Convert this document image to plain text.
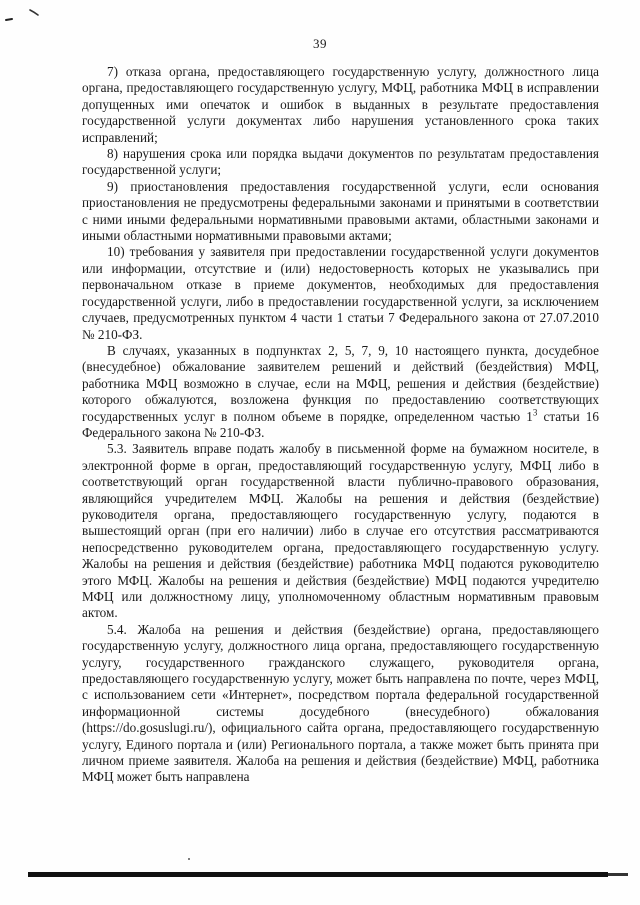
39

7) отказа органа, предоставляющего государственную услугу, должностного лица органа, предоставляющего государственную услугу, МФЦ, работника МФЦ в исправлении допущенных ими опечаток и ошибок в выданных в результате предоставления государственной услуги документах либо нарушения установленного срока таких исправлений;

8) нарушения срока или порядка выдачи документов по результатам предоставления государственной услуги;

9) приостановления предоставления государственной услуги, если основания приостановления не предусмотрены федеральными законами и принятыми в соответствии с ними иными федеральными нормативными правовыми актами, областными законами и иными областными нормативными правовыми актами;

10) требования у заявителя при предоставлении государственной услуги документов или информации, отсутствие и (или) недостоверность которых не указывались при первоначальном отказе в приеме документов, необходимых для предоставления государственной услуги, либо в предоставлении государственной услуги, за исключением случаев, предусмотренных пунктом 4 части 1 статьи 7 Федерального закона от 27.07.2010 № 210-ФЗ.

В случаях, указанных в подпунктах 2, 5, 7, 9, 10 настоящего пункта, досудебное (внесудебное) обжалование заявителем решений и действий (бездействия) МФЦ, работника МФЦ возможно в случае, если на МФЦ, решения и действия (бездействие) которого обжалуются, возложена функция по предоставлению соответствующих государственных услуг в полном объеме в порядке, определенном частью $1^3$ статьи 16 Федерального закона № 210-ФЗ.

5.3. Заявитель вправе подать жалобу в письменной форме на бумажном носителе, в электронной форме в орган, предоставляющий государственную услугу, МФЦ либо в соответствующий орган государственной власти публично-правового образования, являющийся учредителем МФЦ. Жалобы на решения и действия (бездействие) руководителя органа, предоставляющего государственную услугу, подаются в вышестоящий орган (при его наличии) либо в случае его отсутствия рассматриваются непосредственно руководителем органа, предоставляющего государственную услугу. Жалобы на решения и действия (бездействие) работника МФЦ подаются руководителю этого МФЦ. Жалобы на решения и действия (бездействие) МФЦ подаются учредителю МФЦ или должностному лицу, уполномоченному областным нормативным правовым актом.

5.4. Жалоба на решения и действия (бездействие) органа, предоставляющего государственную услугу, должностного лица органа, предоставляющего государственную услугу, государственного гражданского служащего, руководителя органа, предоставляющего государственную услугу, может быть направлена по почте, через МФЦ, с использованием сети «Интернет», посредством портала федеральной государственной информационной системы досудебного (внесудебного) обжалования (https://do.gosuslugi.ru/), официального сайта органа, предоставляющего государственную услугу, Единого портала и (или) Регионального портала, а также может быть принята при личном приеме заявителя. Жалоба на решения и действия (бездействие) МФЦ, работника МФЦ может быть направлена
